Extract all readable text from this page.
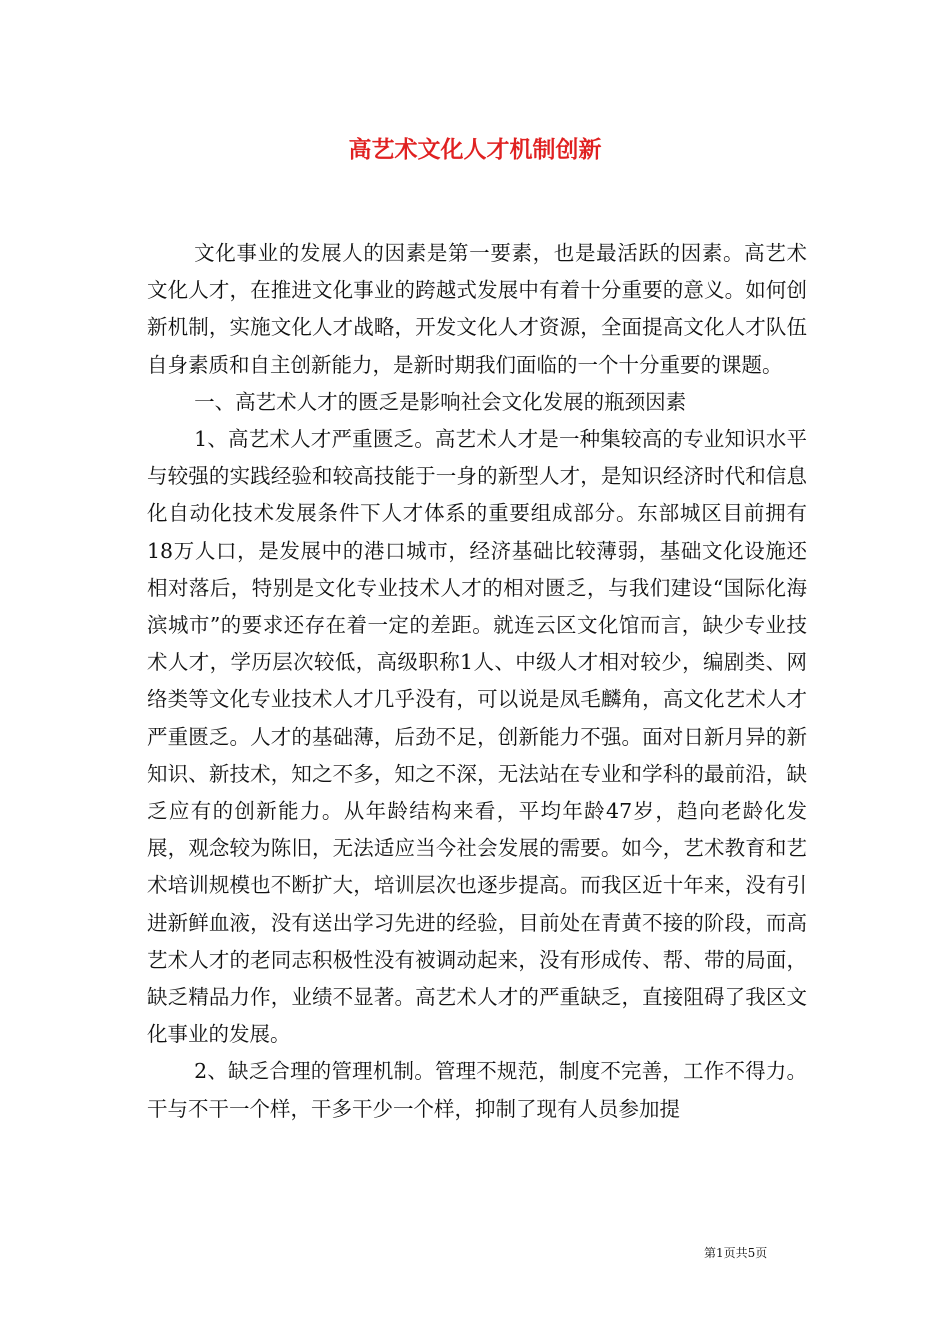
高艺术文化人才机制创新

文化事业的发展人的因素是第一要素，也是最活跃的因素。高艺术文化人才，在推进文化事业的跨越式发展中有着十分重要的意义。如何创新机制，实施文化人才战略，开发文化人才资源，全面提高文化人才队伍自身素质和自主创新能力，是新时期我们面临的一个十分重要的课题。

一、高艺术人才的匮乏是影响社会文化发展的瓶颈因素

1、高艺术人才严重匮乏。高艺术人才是一种集较高的专业知识水平与较强的实践经验和较高技能于一身的新型人才，是知识经济时代和信息化自动化技术发展条件下人才体系的重要组成部分。东部城区目前拥有18万人口，是发展中的港口城市，经济基础比较薄弱，基础文化设施还相对落后，特别是文化专业技术人才的相对匮乏，与我们建设“国际化海滨城市”的要求还存在着一定的差距。就连云区文化馆而言，缺少专业技术人才，学历层次较低，高级职称1人、中级人才相对较少，编剧类、网络类等文化专业技术人才几乎没有，可以说是凤毛麟角，高文化艺术人才严重匮乏。人才的基础薄，后劲不足，创新能力不强。面对日新月异的新知识、新技术，知之不多，知之不深，无法站在专业和学科的最前沿，缺乏应有的创新能力。从年龄结构来看，平均年龄47岁，趋向老龄化发展，观念较为陈旧，无法适应当今社会发展的需要。如今，艺术教育和艺术培训规模也不断扩大，培训层次也逐步提高。而我区近十年来，没有引进新鲜血液，没有送出学习先进的经验，目前处在青黄不接的阶段，而高艺术人才的老同志积极性没有被调动起来，没有形成传、帮、带的局面，缺乏精品力作，业绩不显著。高艺术人才的严重缺乏，直接阻碍了我区文化事业的发展。

2、缺乏合理的管理机制。管理不规范，制度不完善，工作不得力。干与不干一个样，干多干少一个样，抑制了现有人员参加提

第1页共5页
